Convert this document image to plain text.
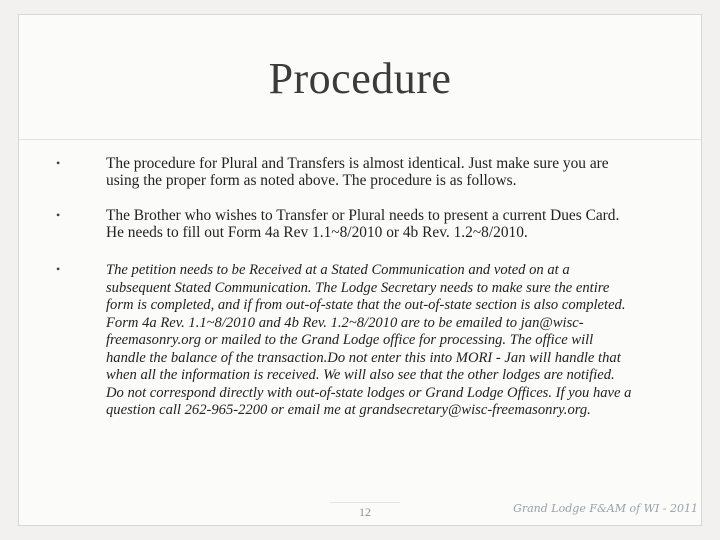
Procedure
•	The procedure for Plural and Transfers is almost identical. Just make sure you are using the proper form as noted above. The procedure is as follows.
•	The Brother who wishes to Transfer or Plural needs to present a current Dues Card. He needs to fill out Form 4a Rev 1.1~8/2010 or 4b Rev. 1.2~8/2010.
•	The petition needs to be Received at a Stated Communication and voted on at a subsequent Stated Communication. The Lodge Secretary needs to make sure the entire form is completed, and if from out-of-state that the out-of-state section is also completed. Form 4a Rev. 1.1~8/2010 and 4b Rev. 1.2~8/2010 are to be emailed to jan@wisc-freemasonry.org or mailed to the Grand Lodge office for processing. The office will handle the balance of the transaction.Do not enter this into MORI - Jan will handle that when all the information is received. We will also see that the other lodges are notified. Do not correspond directly with out-of-state lodges or Grand Lodge Offices. If you have a question call 262-965-2200 or email me at grandsecretary@wisc-freemasonry.org.
12	Grand Lodge F&AM of WI - 2011
